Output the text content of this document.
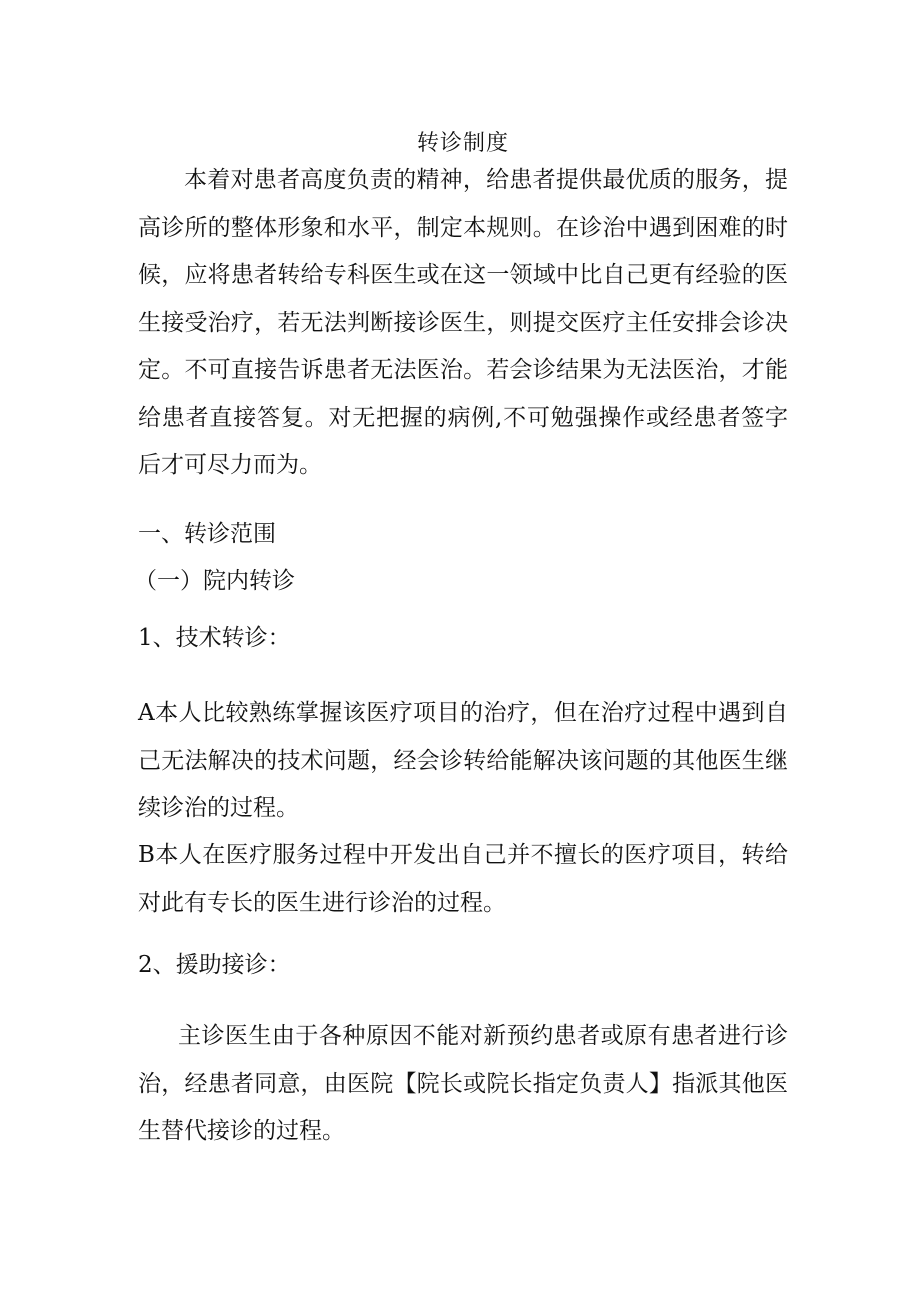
转诊制度
本着对患者高度负责的精神，给患者提供最优质的服务，提高诊所的整体形象和水平，制定本规则。在诊治中遇到困难的时候，应将患者转给专科医生或在这一领域中比自己更有经验的医生接受治疗，若无法判断接诊医生，则提交医疗主任安排会诊决定。不可直接告诉患者无法医治。若会诊结果为无法医治，才能给患者直接答复。对无把握的病例,不可勉强操作或经患者签字后才可尽力而为。
一、转诊范围
（一）院内转诊
1、技术转诊：
A本人比较熟练掌握该医疗项目的治疗，但在治疗过程中遇到自己无法解决的技术问题，经会诊转给能解决该问题的其他医生继续诊治的过程。
B本人在医疗服务过程中开发出自己并不擅长的医疗项目，转给对此有专长的医生进行诊治的过程。
2、援助接诊：
主诊医生由于各种原因不能对新预约患者或原有患者进行诊治，经患者同意，由医院【院长或院长指定负责人】指派其他医生替代接诊的过程。
